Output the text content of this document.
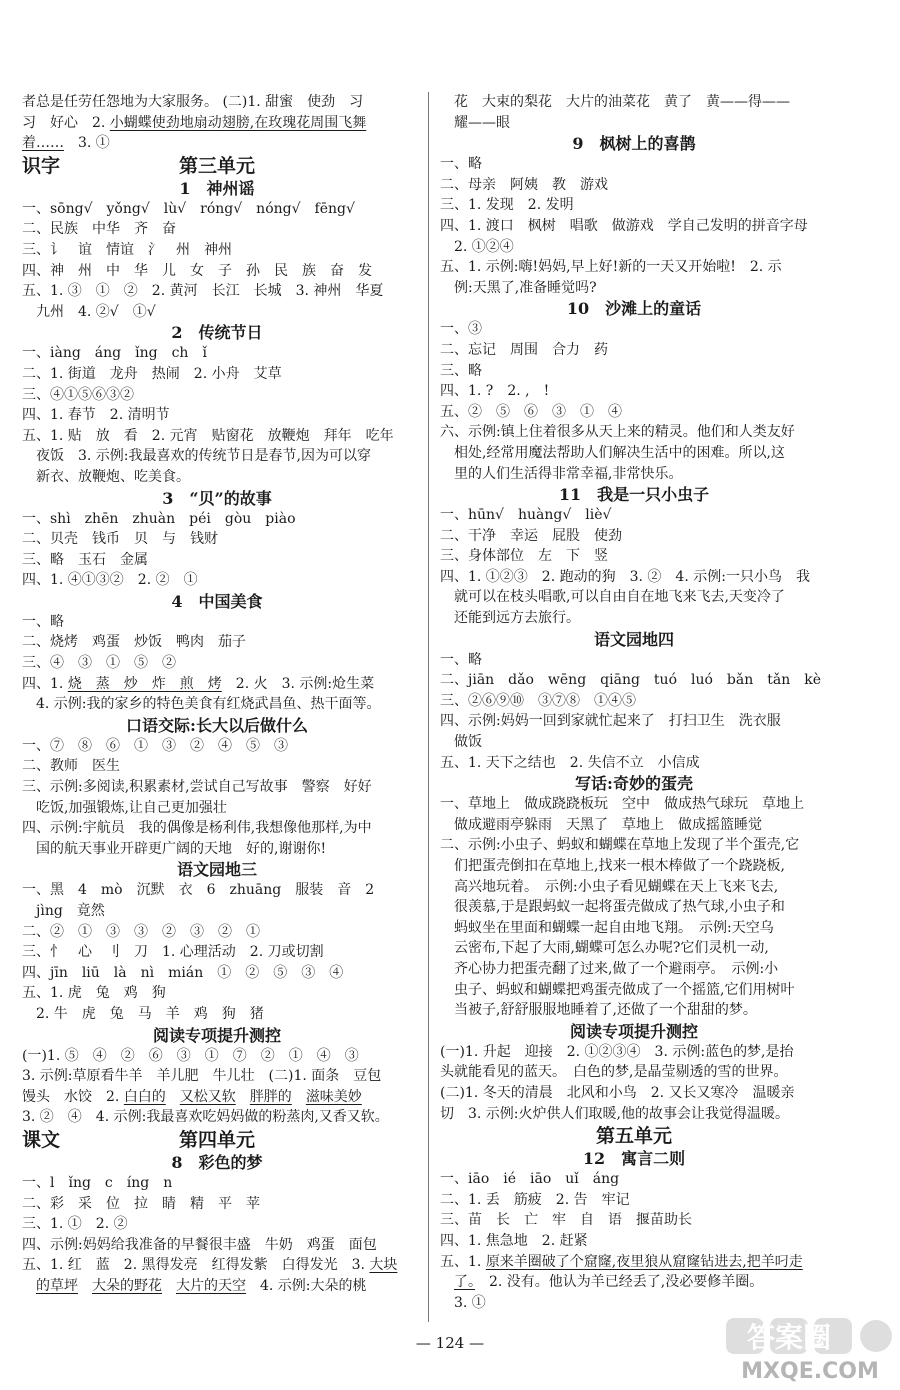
者总是任劳任怨地为大家服务。 (二)1. 甜蜜　使劲　习
习　好心　2. 小蝴蝶使劲地扇动翅膀,在玫瑰花周围飞舞
着……　3. ①
识字	第三单元
1　神州谣
一、sōng√　yǒng√　lù√　róng√　nóng√　fēng√
二、民族　中华　齐　奋
三、讠　谊　情谊　氵　州　神州
四、神　州　中　华　儿　女　子　孙　民　族　奋　发
五、1. ③　①　②　2. 黄河　长江　长城　3. 神州　华夏
　九州　4. ②√　①√
2　传统节日
一、iàng　áng　ǐng　ch　ǐ
二、1. 街道　龙舟　热闹　2. 小舟　艾草
三、④①⑤⑥③②
四、1. 春节　2. 清明节
五、1. 贴　放　看　2. 元宵　贴窗花　放鞭炮　拜年　吃年
　夜饭　3. 示例:我最喜欢的传统节日是春节,因为可以穿
　新衣、放鞭炮、吃美食。
3　“贝”的故事
一、shì　zhēn　zhuàn　péi　gòu　piào
二、贝壳　钱币　贝　与　钱财
三、略　玉石　金属
四、1. ④①③②　2. ②　①
4　中国美食
一、略
二、烧烤　鸡蛋　炒饭　鸭肉　茄子
三、④　③　①　⑤　②
四、1. 烧　蒸　炒　炸　煎　烤　2. 火　3. 示例:炝生菜
　4. 示例:我的家乡的特色美食有红烧武昌鱼、热干面等。
口语交际:长大以后做什么
一、⑦　⑧　⑥　①　③　②　④　⑤　③
二、教师　医生
三、示例:多阅读,积累素材,尝试自己写故事　警察　好好
　吃饭,加强锻炼,让自己更加强壮
四、示例:宇航员　我的偶像是杨利伟,我想像他那样,为中
　国的航天事业开辟更广阔的天地　好的,谢谢你!
语文园地三
一、黑　4　mò　沉默　衣　6　zhuāng　服装　音　2
　jìng　竟然
二、②　①　③　③　②　③　②　①
三、忄　心　刂　刀　1. 心理活动　2. 刀或切割
四、jīn　liū　là　nì　mián　①　②　⑤　③　④
五、1. 虎　兔　鸡　狗
　2. 牛　虎　兔　马　羊　鸡　狗　猪
阅读专项提升测控
(一)1. ⑤　④　②　⑥　③　①　⑦　②　①　④　③
3. 示例:草原看牛羊　羊儿肥　牛儿壮　(二)1. 面条　豆包
馒头　水饺　2. 白白的　 又松又软　 胖胖的　 滋味美妙
3. ②　④　4. 示例:我最喜欢吃妈妈做的粉蒸肉,又香又软。
课文	第四单元
8　彩色的梦
一、l　ǐng　c　íng　n
二、彩　采　位　拉　睛　精　平　苹
三、1. ①　2. ②
四、示例:妈妈给我准备的早餐很丰盛　牛奶　鸡蛋　面包
五、1. 红　蓝　2. 黑得发亮　红得发紫　白得发光　3. 大块
　的草坪　 大朵的野花　 大片的天空　4. 示例:大朵的桃
　花　大束的梨花　大片的油菜花　黄了　黄——得——
　耀——眼
9　枫树上的喜鹊
一、略
二、母亲　阿姨　教　游戏
三、1. 发现　2. 发明
四、1. 渡口　枫树　唱歌　做游戏　学自己发明的拼音字母
　2. ①②④
五、1. 示例:嗨!妈妈,早上好!新的一天又开始啦!　2. 示
　例:天黑了,准备睡觉吗?
10　沙滩上的童话
一、③
二、忘记　周围　合力　药
三、略
四、1. ?　2. ,　!
五、②　⑤　⑥　③　①　④
六、示例:镇上住着很多从天上来的精灵。他们和人类友好
　相处,经常用魔法帮助人们解决生活中的困难。所以,这
　里的人们生活得非常幸福,非常快乐。
11　我是一只小虫子
一、hūn√　huàng√　liè√
二、干净　幸运　屁股　使劲
三、身体部位　左　下　竖
四、1. ①②③　2. 跑动的狗　3. ②　4. 示例:一只小鸟　我
　就可以在枝头唱歌,可以自由自在地飞来飞去,天变冷了
　还能到远方去旅行。
语文园地四
一、略
二、jiān　dǎo　wēng　qiāng　tuó　luó　bǎn　tǎn　kè
三、②⑥⑨⑩　③⑦⑧　①④⑤
四、示例:妈妈一回到家就忙起来了　打扫卫生　洗衣服
　做饭
五、1. 天下之结也　2. 失信不立　小信成
写话:奇妙的蛋壳
一、草地上　做成跷跷板玩　空中　做成热气球玩　草地上
　做成避雨亭躲雨　天黑了　草地上　做成摇篮睡觉
二、示例:小虫子、蚂蚁和蝴蝶在草地上发现了半个蛋壳,它
　们把蛋壳倒扣在草地上,找来一根木棒做了一个跷跷板,
　高兴地玩着。　示例:小虫子看见蝴蝶在天上飞来飞去,
　很羡慕,于是跟蚂蚁一起将蛋壳做成了热气球,小虫子和
　蚂蚁坐在里面和蝴蝶一起自由地飞翔。　示例:天空乌
　云密布,下起了大雨,蝴蝶可怎么办呢?它们灵机一动,
　齐心协力把蛋壳翻了过来,做了一个避雨亭。　示例:小
　虫子、蚂蚁和蝴蝶把鸡蛋壳做成了一个摇篮,它们用树叶
　当被子,舒舒服服地睡着了,还做了一个甜甜的梦。
阅读专项提升测控
(一)1. 升起　迎接　2. ①②③④　3. 示例:蓝色的梦,是抬
头就能看见的蓝天。　白色的梦,是晶莹剔透的雪的世界。
(二)1. 冬天的清晨　北风和小鸟　2. 又长又寒冷　温暖亲
切　3. 示例:火炉供人们取暖,他的故事会让我觉得温暖。
第五单元
12　寓言二则
一、iāo　ié　iāo　uǐ　áng
二、1. 丢　筋疲　2. 告　牢记
三、苗　长　亡　牢　自　语　揠苗助长
四、1. 焦急地　2. 赶紧
五、1. 原来羊圈破了个窟窿,夜里狼从窟窿钻进去,把羊叼走
　了。　2. 没有。他认为羊已经丢了,没必要修羊圈。
　3. ①
— 124 —	答案圈
MXQE.COM
